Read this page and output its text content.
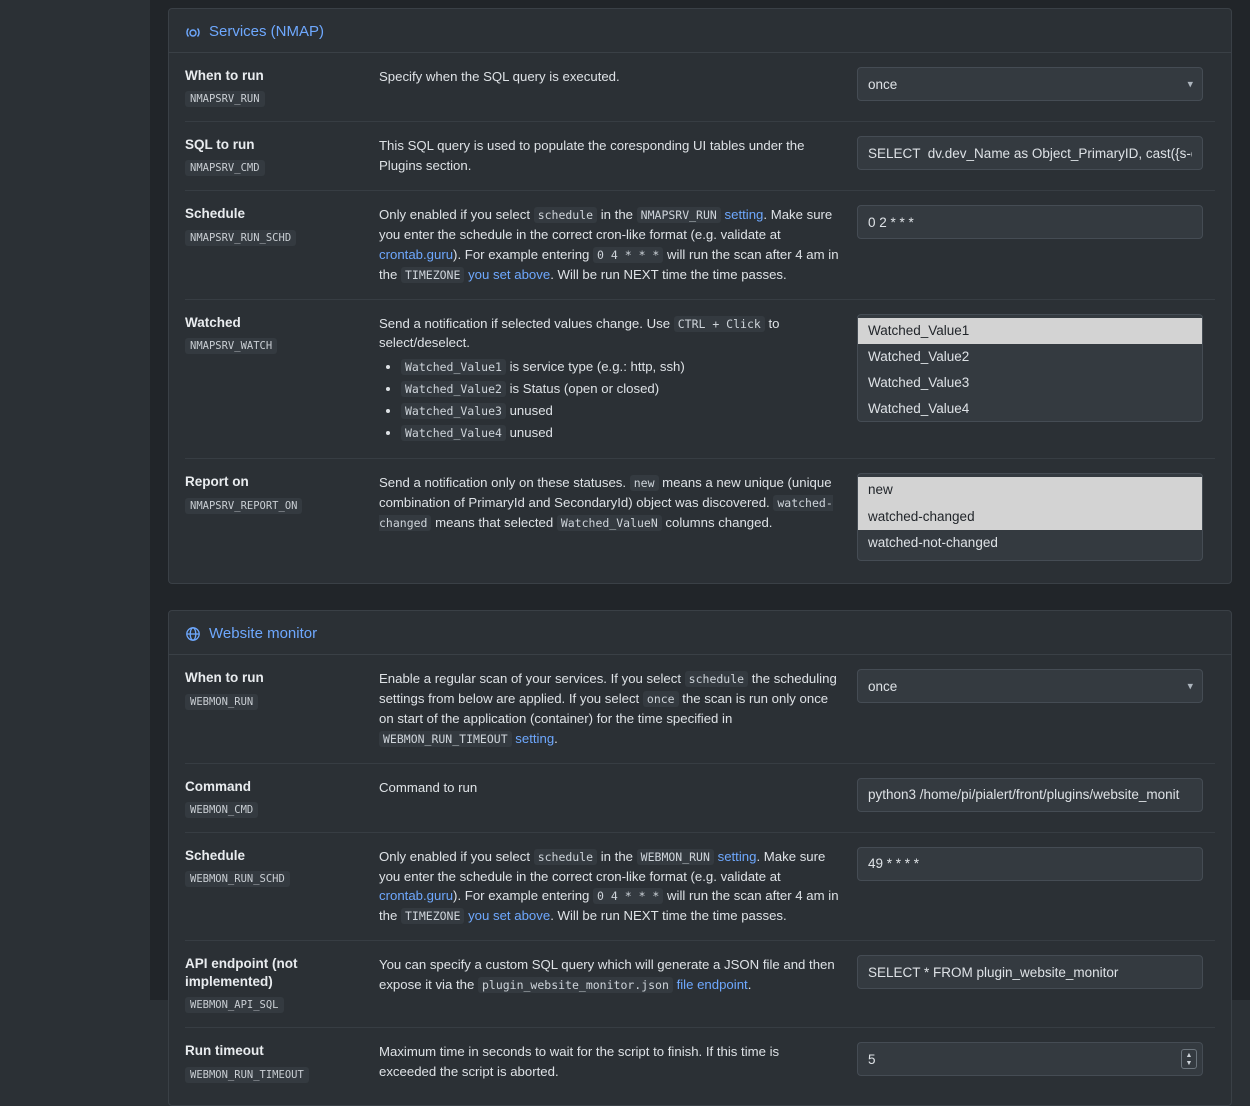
Services (NMAP)
When to run
NMAPSRV_RUN
Specify when the SQL query is executed.
once
▾
SQL to run
NMAPSRV_CMD
This SQL query is used to populate the coresponding UI tables under the Plugins section.
SELECT dv.dev_Name as Object_PrimaryID, cast({s-quo
Schedule
NMAPSRV_RUN_SCHD
Only enabled if you select schedule in the NMAPSRV_RUN setting. Make sure you enter the schedule in the correct cron-like format (e.g. validate at crontab.guru). For example entering 0 4 * * * will run the scan after 4 am in the TIMEZONE you set above. Will be run NEXT time the time passes.
0 2 * * *
Watched
NMAPSRV_WATCH
Send a notification if selected values change. Use CTRL + Click to select/deselect.
• Watched_Value1 is service type (e.g.: http, ssh)
• Watched_Value2 is Status (open or closed)
• Watched_Value3 unused
• Watched_Value4 unused
Watched_Value1
Watched_Value2
Watched_Value3
Watched_Value4
Report on
NMAPSRV_REPORT_ON
Send a notification only on these statuses. new means a new unique (unique combination of PrimaryId and SecondaryId) object was discovered. watched-changed means that selected Watched_ValueN columns changed.
new
watched-changed
watched-not-changed
Website monitor
When to run
WEBMON_RUN
Enable a regular scan of your services. If you select schedule the scheduling settings from below are applied. If you select once the scan is run only once on start of the application (container) for the time specified in WEBMON_RUN_TIMEOUT setting.
once
▾
Command
WEBMON_CMD
Command to run
python3 /home/pi/pialert/front/plugins/website_monit
Schedule
WEBMON_RUN_SCHD
Only enabled if you select schedule in the WEBMON_RUN setting. Make sure you enter the schedule in the correct cron-like format (e.g. validate at crontab.guru). For example entering 0 4 * * * will run the scan after 4 am in the TIMEZONE you set above. Will be run NEXT time the time passes.
49 * * * *
API endpoint (not implemented)
WEBMON_API_SQL
You can specify a custom SQL query which will generate a JSON file and then expose it via the plugin_website_monitor.json file endpoint.
SELECT * FROM plugin_website_monitor
Run timeout
WEBMON_RUN_TIMEOUT
Maximum time in seconds to wait for the script to finish. If this time is exceeded the script is aborted.
5
▲
▼
